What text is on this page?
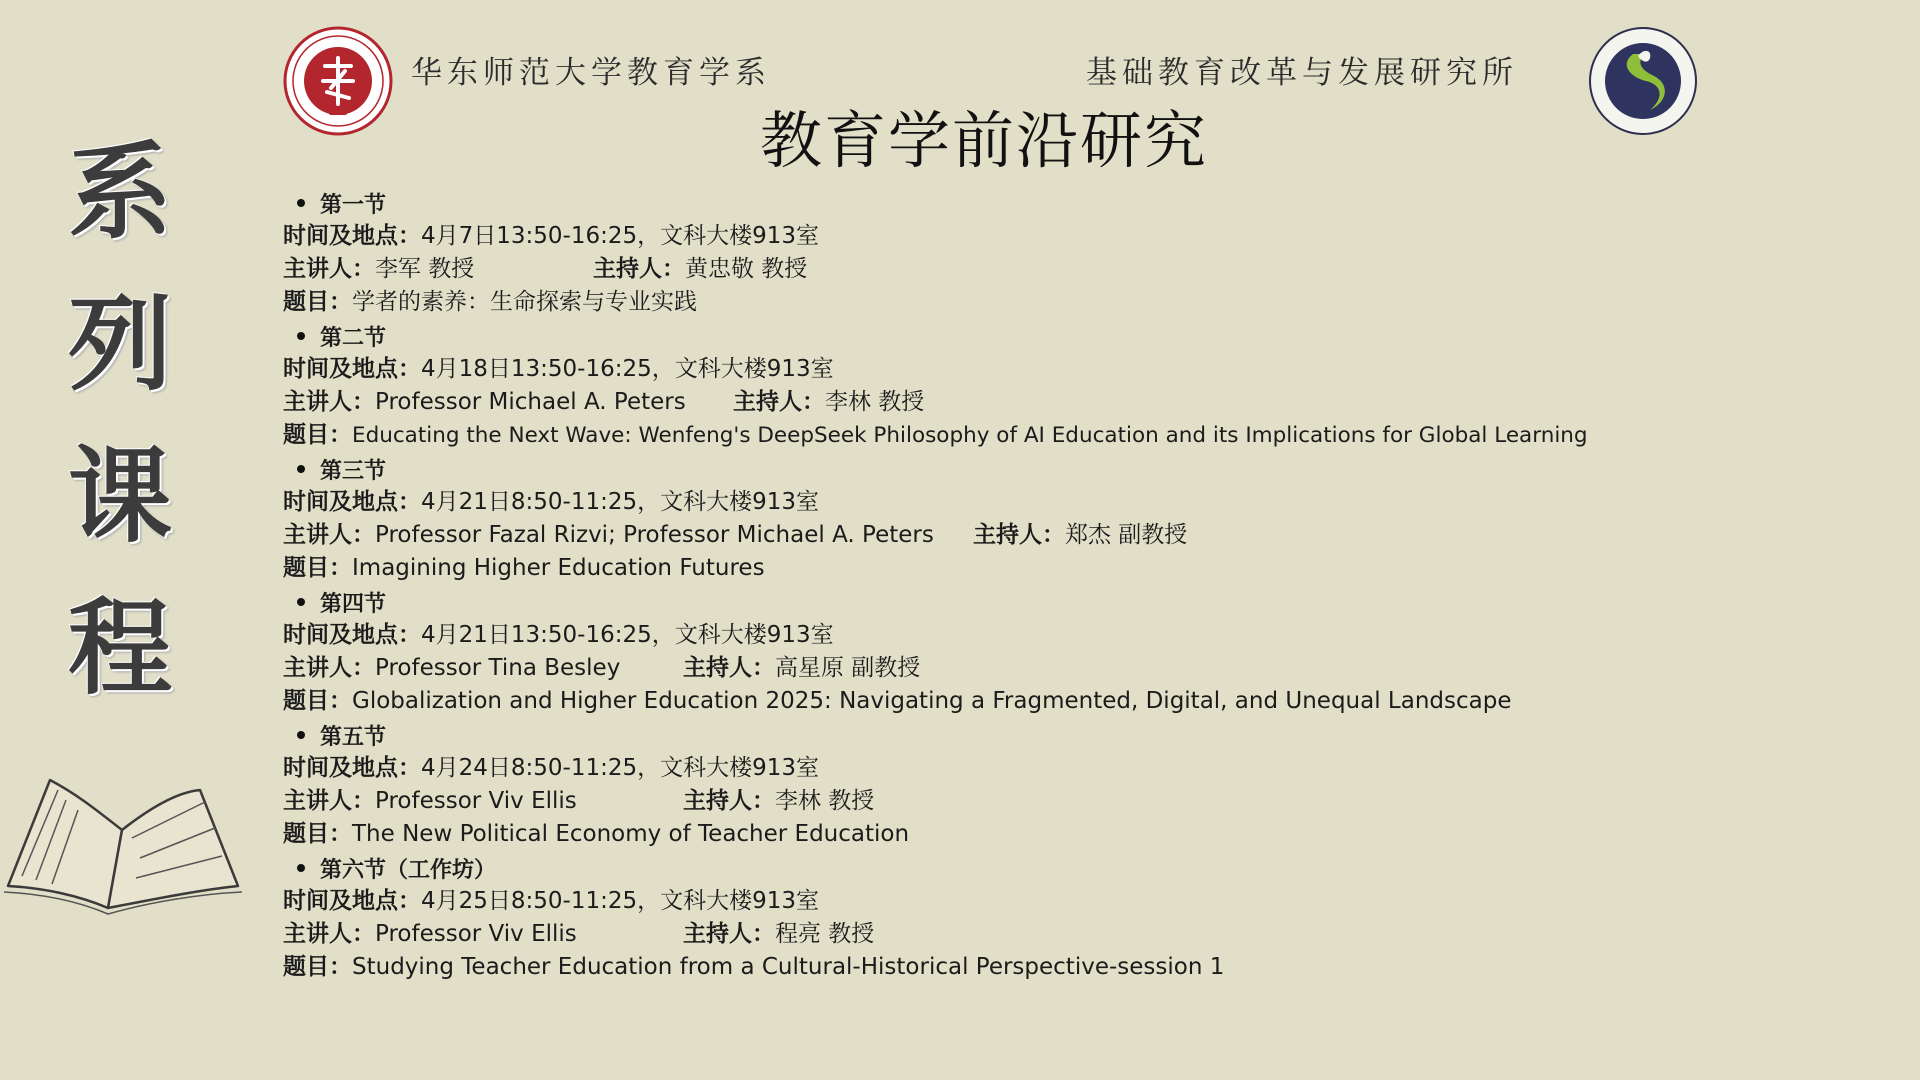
华东师范大学教育学系	基础教育改革与发展研究所
教育学前沿研究
系
列
课
程
第一节
时间及地点：4月7日13:50-16:25，文科大楼913室
主讲人：李军 教授	主持人：黄忠敬 教授
题目：学者的素养：生命探索与专业实践
第二节
时间及地点：4月18日13:50-16:25，文科大楼913室
主讲人：Professor Michael A. Peters 主持人：李林 教授
题目：Educating the Next Wave: Wenfeng's DeepSeek Philosophy of AI Education and its Implications for Global Learning
第三节
时间及地点：4月21日8:50-11:25，文科大楼913室
主讲人：Professor Fazal Rizvi; Professor Michael A. Peters 主持人：郑杰 副教授
题目：Imagining Higher Education Futures
第四节
时间及地点：4月21日13:50-16:25，文科大楼913室
主讲人：Professor Tina Besley	主持人：高星原 副教授
题目：Globalization and Higher Education 2025: Navigating a Fragmented, Digital, and Unequal Landscape
第五节
时间及地点：4月24日8:50-11:25，文科大楼913室
主讲人：Professor Viv Ellis	主持人：李林 教授
题目：The New Political Economy of Teacher Education
第六节（工作坊）
时间及地点：4月25日8:50-11:25，文科大楼913室
主讲人：Professor Viv Ellis	主持人：程亮 教授
题目：Studying Teacher Education from a Cultural-Historical Perspective-session 1
